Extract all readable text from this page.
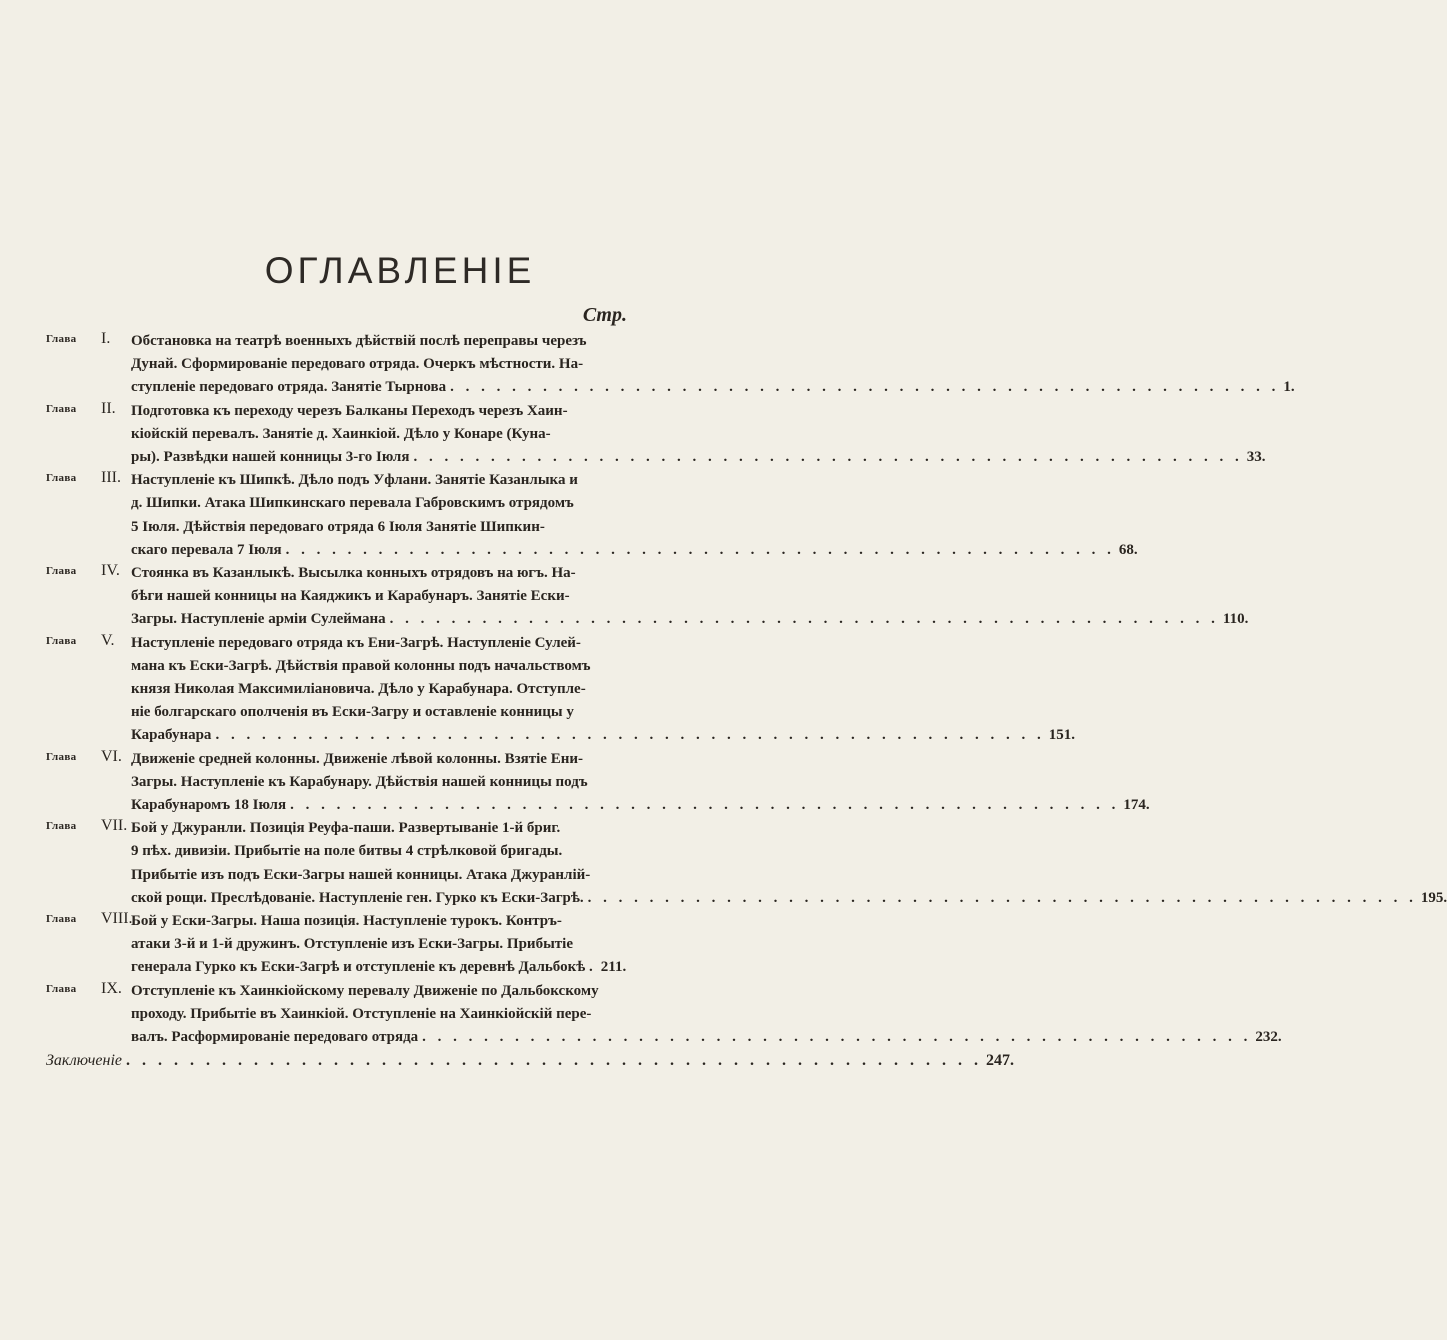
ОГЛАВЛЕНІЕ
Стр.
Глава I.	Обстановка на театрѣ военныхъ дѣйствій послѣ переправы черезъ
Дунай. Сформированіе передоваго отряда. Очеркъ мѣстности. На-
ступленіе передоваго отряда. Занятіе Тырнова . . . . . . . . . . . . . . . . . . . . . . . . . . . . . . . . . . . . . . . . . . . . . . . . . . . . . . 1.
Глава II.	Подготовка къ переходу черезъ Балканы Переходъ черезъ Хаин-
кіойскій перевалъ. Занятіе д. Хаинкіой. Дѣло у Конаре (Куна-
ры). Развѣдки нашей конницы 3-го Іюля . . . . . . . . . . . . . . . . . . . . . . . . . . . . . . . . . . . . . . . . . . . . . . . . . . . . . . 33.
Глава III. Наступленіе къ Шипкѣ. Дѣло подъ Уфлани. Занятіе Казанлыка и
д. Шипки. Атака Шипкинскаго перевала Габровскимъ отрядомъ
5 Іюля. Дѣйствія передоваго отряда 6 Іюля Занятіе Шипкин-
скаго перевала 7 Іюля . . . . . . . . . . . . . . . . . . . . . . . . . . . . . . . . . . . . . . . . . . . . . . . . . . . . . . 68.
Глава IV. Стоянка въ Казанлыкѣ. Высылка конныхъ отрядовъ на югъ. На-
бѣги нашей конницы на Каяджикъ и Карабунаръ. Занятіе Ески-
Загры. Наступленіе арміи Сулеймана . . . . . . . . . . . . . . . . . . . . . . . . . . . . . . . . . . . . . . . . . . . . . . . . . . . . . . 110.
Глава V.	Наступленіе передоваго отряда къ Ени-Загрѣ. Наступленіе Сулей-
мана къ Ески-Загрѣ. Дѣйствія правой колонны подъ начальствомъ
князя Николая Максимиліановича. Дѣло у Карабунара. Отступле-
ніе болгарскаго ополченія въ Ески-Загру и оставленіе конницы у
Карабунара . . . . . . . . . . . . . . . . . . . . . . . . . . . . . . . . . . . . . . . . . . . . . . . . . . . . . . 151.
Глава VI. Движеніе средней колонны. Движеніе лѣвой колонны. Взятіе Ени-
Загры. Наступленіе къ Карабунару. Дѣйствія нашей конницы подъ
Карабунаромъ 18 Іюля . . . . . . . . . . . . . . . . . . . . . . . . . . . . . . . . . . . . . . . . . . . . . . . . . . . . . . 174.
Глава VII. Бой у Джуранли. Позиція Реуфа-паши. Развертываніе 1-й бриг.
9 пѣх. дивизіи. Прибытіе на поле битвы 4 стрѣлковой бригады.
Прибытіе изъ подъ Ески-Загры нашей конницы. Атака Джуранлій-
ской рощи. Преслѣдованіе. Наступленіе ген. Гурко къ Ески-Загрѣ. . . . . . . . . . . . . . . . . . . . . . . . . . . . . . . . . . . . . . . . . . . . . . . . . . . . . . . 195.
Глава VIII.
Бой у Ески-Загры. Наша позиція. Наступленіе турокъ. Контръ-
атаки 3-й и 1-й дружинъ. Отступленіе изъ Ески-Загры. Прибытіе
генерала Гурко къ Ески-Загрѣ и отступленіе къ деревнѣ Дальбокѣ . 211.
Глава IX. Отступленіе къ Хаинкіойскому перевалу Движеніе по Дальбокскому
проходу. Прибытіе въ Хаинкіой. Отступленіе на Хаинкіойскій пере-
валъ. Расформированіе передоваго отряда . . . . . . . . . . . . . . . . . . . . . . . . . . . . . . . . . . . . . . . . . . . . . . . . . . . . . . 232.
Заключеніе . . . . . . . . . . . . . . . . . . . . . . . . . . . . . . . . . . . . . . . . . . . . . . . . . . . . . . 247.
